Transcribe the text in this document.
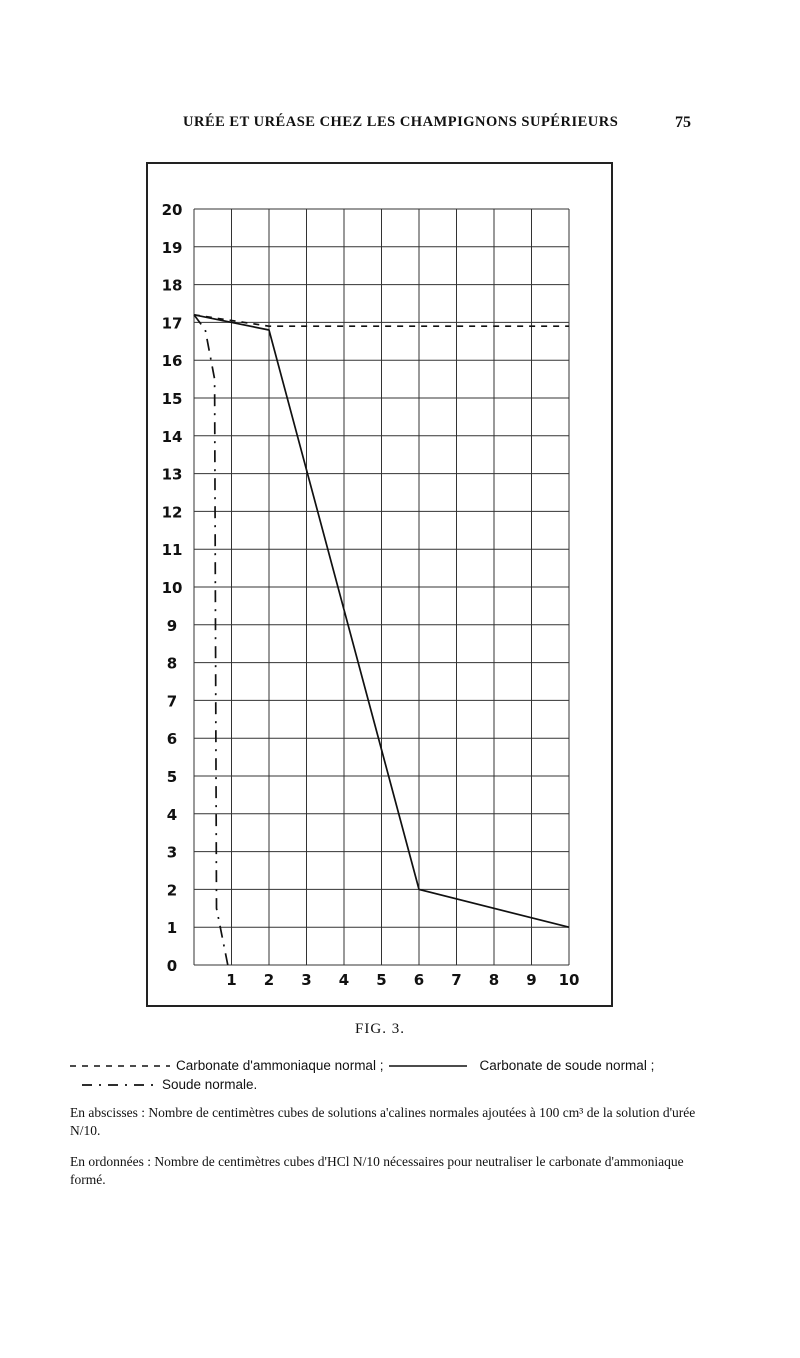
URÉE ET URÉASE CHEZ LES CHAMPIGNONS SUPÉRIEURS	75
0
1
2
3
4
5
6
7
8
9
10
11
12
13
14
15
16
17
18
19
20
1 2 3 4 5 6 7 8 9 10
FIG. 3.
Carbonate d'ammoniaque normal ;	Carbonate de soude normal ;
Soude normale.
En abscisses : Nombre de centimètres cubes de solutions a'calines normales ajoutées à 100 cm³ de la solution d'urée N/10.
En ordonnées : Nombre de centimètres cubes d'HCl N/10 nécessaires pour neutraliser le carbonate d'ammoniaque formé.
